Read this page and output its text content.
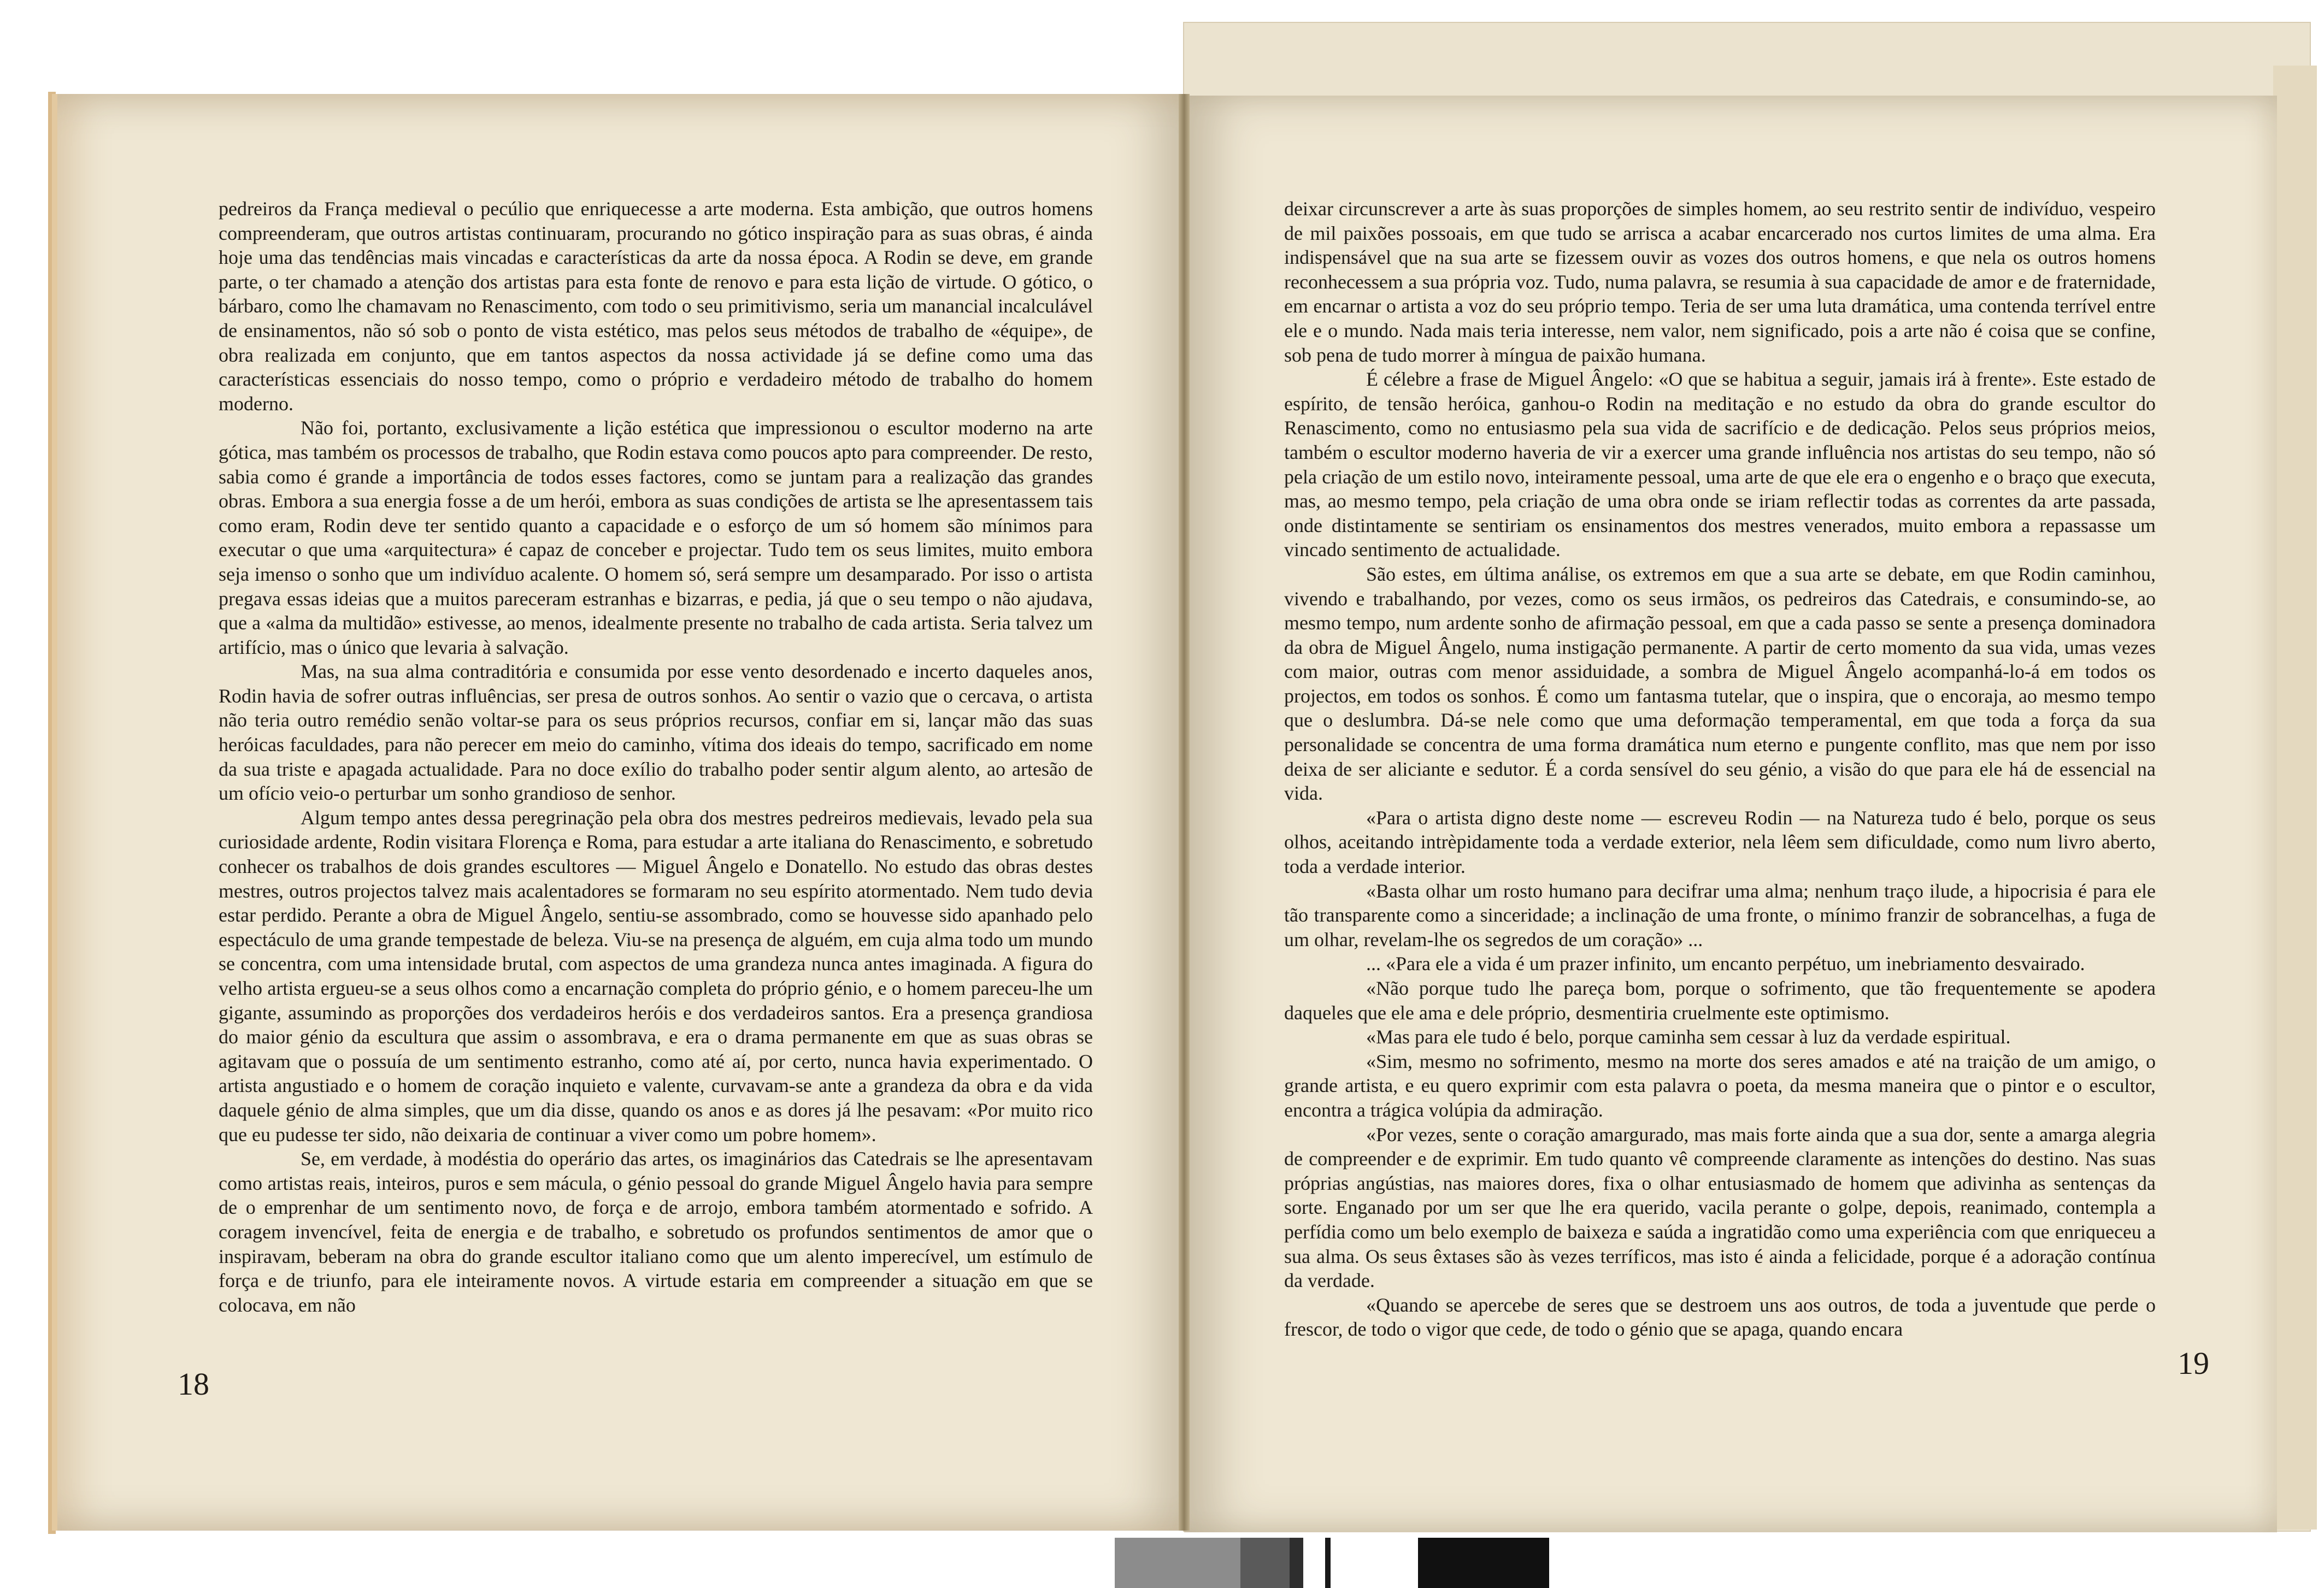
pedreiros da França medieval o pecúlio que enriquecesse a arte moderna. Esta ambição, que outros homens compreenderam, que outros artistas continuaram, procurando no gótico inspiração para as suas obras, é ainda hoje uma das tendências mais vincadas e características da arte da nossa época. A Rodin se deve, em grande parte, o ter chamado a atenção dos artistas para esta fonte de renovo e para esta lição de virtude. O gótico, o bárbaro, como lhe chamavam no Renascimento, com todo o seu primitivismo, seria um manancial incalculável de ensinamentos, não só sob o ponto de vista estético, mas pelos seus métodos de trabalho de «équipe», de obra realizada em conjunto, que em tantos aspectos da nossa actividade já se define como uma das características essenciais do nosso tempo, como o próprio e verdadeiro método de trabalho do homem moderno.

Não foi, portanto, exclusivamente a lição estética que impressionou o escultor moderno na arte gótica, mas também os processos de trabalho, que Rodin estava como poucos apto para compreender. De resto, sabia como é grande a importância de todos esses factores, como se juntam para a realização das grandes obras. Embora a sua energia fosse a de um herói, embora as suas condições de artista se lhe apresentassem tais como eram, Rodin deve ter sentido quanto a capacidade e o esforço de um só homem são mínimos para executar o que uma «arquitectura» é capaz de conceber e projectar. Tudo tem os seus limites, muito embora seja imenso o sonho que um indivíduo acalente. O homem só, será sempre um desamparado. Por isso o artista pregava essas ideias que a muitos pareceram estranhas e bizarras, e pedia, já que o seu tempo o não ajudava, que a «alma da multidão» estivesse, ao menos, idealmente presente no trabalho de cada artista. Seria talvez um artifício, mas o único que levaria à salvação.

Mas, na sua alma contraditória e consumida por esse vento desordenado e incerto daqueles anos, Rodin havia de sofrer outras influências, ser presa de outros sonhos. Ao sentir o vazio que o cercava, o artista não teria outro remédio senão voltar-se para os seus próprios recursos, confiar em si, lançar mão das suas heróicas faculdades, para não perecer em meio do caminho, vítima dos ideais do tempo, sacrificado em nome da sua triste e apagada actualidade. Para no doce exílio do trabalho poder sentir algum alento, ao artesão de um ofício veio-o perturbar um sonho grandioso de senhor.

Algum tempo antes dessa peregrinação pela obra dos mestres pedreiros medievais, levado pela sua curiosidade ardente, Rodin visitara Florença e Roma, para estudar a arte italiana do Renascimento, e sobretudo conhecer os trabalhos de dois grandes escultores — Miguel Ângelo e Donatello. No estudo das obras destes mestres, outros projectos talvez mais acalentadores se formaram no seu espírito atormentado. Nem tudo devia estar perdido. Perante a obra de Miguel Ângelo, sentiu-se assombrado, como se houvesse sido apanhado pelo espectáculo de uma grande tempestade de beleza. Viu-se na presença de alguém, em cuja alma todo um mundo se concentra, com uma intensidade brutal, com aspectos de uma grandeza nunca antes imaginada. A figura do velho artista ergueu-se a seus olhos como a encarnação completa do próprio génio, e o homem pareceu-lhe um gigante, assumindo as proporções dos verdadeiros heróis e dos verdadeiros santos. Era a presença grandiosa do maior génio da escultura que assim o assombrava, e era o drama permanente em que as suas obras se agitavam que o possuía de um sentimento estranho, como até aí, por certo, nunca havia experimentado. O artista angustiado e o homem de coração inquieto e valente, curvavam-se ante a grandeza da obra e da vida daquele génio de alma simples, que um dia disse, quando os anos e as dores já lhe pesavam: «Por muito rico que eu pudesse ter sido, não deixaria de continuar a viver como um pobre homem».

Se, em verdade, à modéstia do operário das artes, os imaginários das Catedrais se lhe apresentavam como artistas reais, inteiros, puros e sem mácula, o génio pessoal do grande Miguel Ângelo havia para sempre de o emprenhar de um sentimento novo, de força e de arrojo, embora também atormentado e sofrido. A coragem invencível, feita de energia e de trabalho, e sobretudo os profundos sentimentos de amor que o inspiravam, beberam na obra do grande escultor italiano como que um alento imperecível, um estímulo de força e de triunfo, para ele inteiramente novos. A virtude estaria em compreender a situação em que se colocava, em não

deixar circunscrever a arte às suas proporções de simples homem, ao seu restrito sentir de indivíduo, vespeiro de mil paixões possoais, em que tudo se arrisca a acabar encarcerado nos curtos limites de uma alma. Era indispensável que na sua arte se fizessem ouvir as vozes dos outros homens, e que nela os outros homens reconhecessem a sua própria voz. Tudo, numa palavra, se resumia à sua capacidade de amor e de fraternidade, em encarnar o artista a voz do seu próprio tempo. Teria de ser uma luta dramática, uma contenda terrível entre ele e o mundo. Nada mais teria interesse, nem valor, nem significado, pois a arte não é coisa que se confine, sob pena de tudo morrer à míngua de paixão humana.

É célebre a frase de Miguel Ângelo: «O que se habitua a seguir, jamais irá à frente». Este estado de espírito, de tensão heróica, ganhou-o Rodin na meditação e no estudo da obra do grande escultor do Renascimento, como no entusiasmo pela sua vida de sacrifício e de dedicação. Pelos seus próprios meios, também o escultor moderno haveria de vir a exercer uma grande influência nos artistas do seu tempo, não só pela criação de um estilo novo, inteiramente pessoal, uma arte de que ele era o engenho e o braço que executa, mas, ao mesmo tempo, pela criação de uma obra onde se iriam reflectir todas as correntes da arte passada, onde distintamente se sentiriam os ensinamentos dos mestres venerados, muito embora a repassasse um vincado sentimento de actualidade.

São estes, em última análise, os extremos em que a sua arte se debate, em que Rodin caminhou, vivendo e trabalhando, por vezes, como os seus irmãos, os pedreiros das Catedrais, e consumindo-se, ao mesmo tempo, num ardente sonho de afirmação pessoal, em que a cada passo se sente a presença dominadora da obra de Miguel Ângelo, numa instigação permanente. A partir de certo momento da sua vida, umas vezes com maior, outras com menor assiduidade, a sombra de Miguel Ângelo acompanhá-lo-á em todos os projectos, em todos os sonhos. É como um fantasma tutelar, que o inspira, que o encoraja, ao mesmo tempo que o deslumbra. Dá-se nele como que uma deformação temperamental, em que toda a força da sua personalidade se concentra de uma forma dramática num eterno e pungente conflito, mas que nem por isso deixa de ser aliciante e sedutor. É a corda sensível do seu génio, a visão do que para ele há de essencial na vida.

«Para o artista digno deste nome — escreveu Rodin — na Natureza tudo é belo, porque os seus olhos, aceitando intrèpidamente toda a verdade exterior, nela lêem sem dificuldade, como num livro aberto, toda a verdade interior.

«Basta olhar um rosto humano para decifrar uma alma; nenhum traço ilude, a hipocrisia é para ele tão transparente como a sinceridade; a inclinação de uma fronte, o mínimo franzir de sobrancelhas, a fuga de um olhar, revelam-lhe os segredos de um coração» ...

... «Para ele a vida é um prazer infinito, um encanto perpétuo, um inebriamento desvairado.

«Não porque tudo lhe pareça bom, porque o sofrimento, que tão frequentemente se apodera daqueles que ele ama e dele próprio, desmentiria cruelmente este optimismo.

«Mas para ele tudo é belo, porque caminha sem cessar à luz da verdade espiritual.

«Sim, mesmo no sofrimento, mesmo na morte dos seres amados e até na traição de um amigo, o grande artista, e eu quero exprimir com esta palavra o poeta, da mesma maneira que o pintor e o escultor, encontra a trágica volúpia da admiração.

«Por vezes, sente o coração amargurado, mas mais forte ainda que a sua dor, sente a amarga alegria de compreender e de exprimir. Em tudo quanto vê compreende claramente as intenções do destino. Nas suas próprias angústias, nas maiores dores, fixa o olhar entusiasmado de homem que adivinha as sentenças da sorte. Enganado por um ser que lhe era querido, vacila perante o golpe, depois, reanimado, contempla a perfídia como um belo exemplo de baixeza e saúda a ingratidão como uma experiência com que enriqueceu a sua alma. Os seus êxtases são às vezes terríficos, mas isto é ainda a felicidade, porque é a adoração contínua da verdade.

«Quando se apercebe de seres que se destroem uns aos outros, de toda a juventude que perde o frescor, de todo o vigor que cede, de todo o génio que se apaga, quando encara

18
19
